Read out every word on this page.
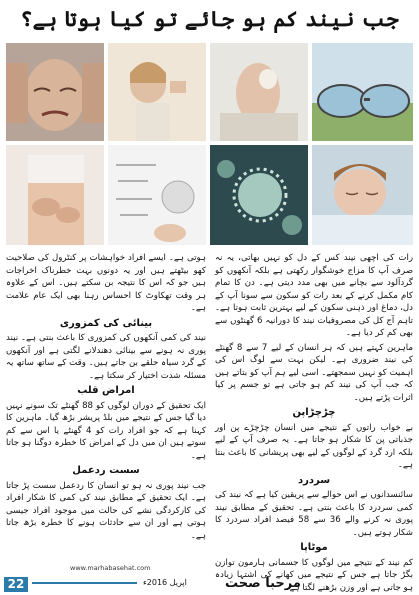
جب نیند کم ہو جائے تو کیا ہوتا ہے؟

رات کی اچھی نیند کس کے دل کو نہیں بھاتی، یہ نہ صرف آپ کا مزاج خوشگوار رکھتی ہے بلکہ آنکھوں کو گردآلود سے بچانے میں بھی مدد دیتی ہے۔ دن کا تمام کام مکمل کرنے کے بعد رات کو سکون سے سونا آپ کے دل، دماغ اور ذہنی سکون کے لیے بہترین ثابت ہوتا ہے۔ تاہم آج کل کی مصروفیات نیند کا دورانیہ 6 گھنٹوں سے بھی کم کر دیا ہے۔

ماہرین کہتے ہیں کہ ہر انسان کے لیے 7 سے 8 گھنٹے کی نیند ضروری ہے۔ لیکن بہت سے لوگ اس کی اہمیت کو نہیں سمجھتے۔ اسی لیے ہم آپ کو بتاتے ہیں کہ جب آپ کی نیند کم ہو جاتی ہے تو جسم پر کیا اثرات پڑتے ہیں۔

چڑچڑاپن

بے خواب راتوں کے نتیجے میں انسان چڑچڑے پن اور جذباتی پن کا شکار ہو جاتا ہے۔ یہ صرف آپ کے لیے بلکہ ارد گرد کے لوگوں کے لیے بھی پریشانی کا باعث بنتا ہے۔

سردرد

سائنسدانوں نے اس حوالے سے پریقین کیا ہے کہ نیند کی کمی سردرد کا باعث بنتی ہے۔ تحقیق کے مطابق نیند پوری نہ کرنے والے 36 سے 58 فیصد افراد سردرد کا شکار ہوتے ہیں۔

موٹاپا

کم نیند کے نتیجے میں لوگوں کا جسمانی ہارمون توازن بگڑ جاتا ہے جس کے نتیجے میں کھانے کی اشتہا زیادہ ہو جاتی ہے اور وزن بڑھنے لگتا ہے۔

ہوتی ہے۔ ایسے افراد خواہشات پر کنٹرول کی صلاحیت کھو بیٹھتے ہیں اور یہ دونوں بہت خطرناک اخراجات ہیں جو کہ اس کا نتیجہ بن سکتے ہیں۔ اس کے علاوہ ہر وقت تھکاوٹ کا احساس رہنا بھی ایک عام علامت ہے۔

بینائی کی کمزوری

نیند کی کمی آنکھوں کی کمزوری کا باعث بنتی ہے۔ نیند پوری نہ ہونے سے بینائی دھندلانے لگتی ہے اور آنکھوں کے گرد سیاہ حلقے بن جاتے ہیں۔ وقت کے ساتھ ساتھ یہ مسئلہ شدت اختیار کر سکتا ہے۔

امراض قلب

ایک تحقیق کے دوران لوگوں کو 88 گھنٹے تک سونے نہیں دیا گیا جس کے نتیجے میں بلڈ پریشر بڑھ گیا۔ ماہرین کا کہنا ہے کہ جو افراد رات کو 4 گھنٹے یا اس سے کم سوتے ہیں ان میں دل کے امراض کا خطرہ دوگنا ہو جاتا ہے۔

سست ردعمل

جب نیند پوری نہ ہو تو انسان کا ردعمل سست پڑ جاتا ہے۔ ایک تحقیق کے مطابق نیند کی کمی کا شکار افراد کی کارکردگی نشے کی حالت میں موجود افراد جیسی ہوتی ہے اور ان سے حادثات ہونے کا خطرہ بڑھ جاتا ہے۔

22
www.marhabasehat.com
اپریل 2016ء	مرحبا صحت
